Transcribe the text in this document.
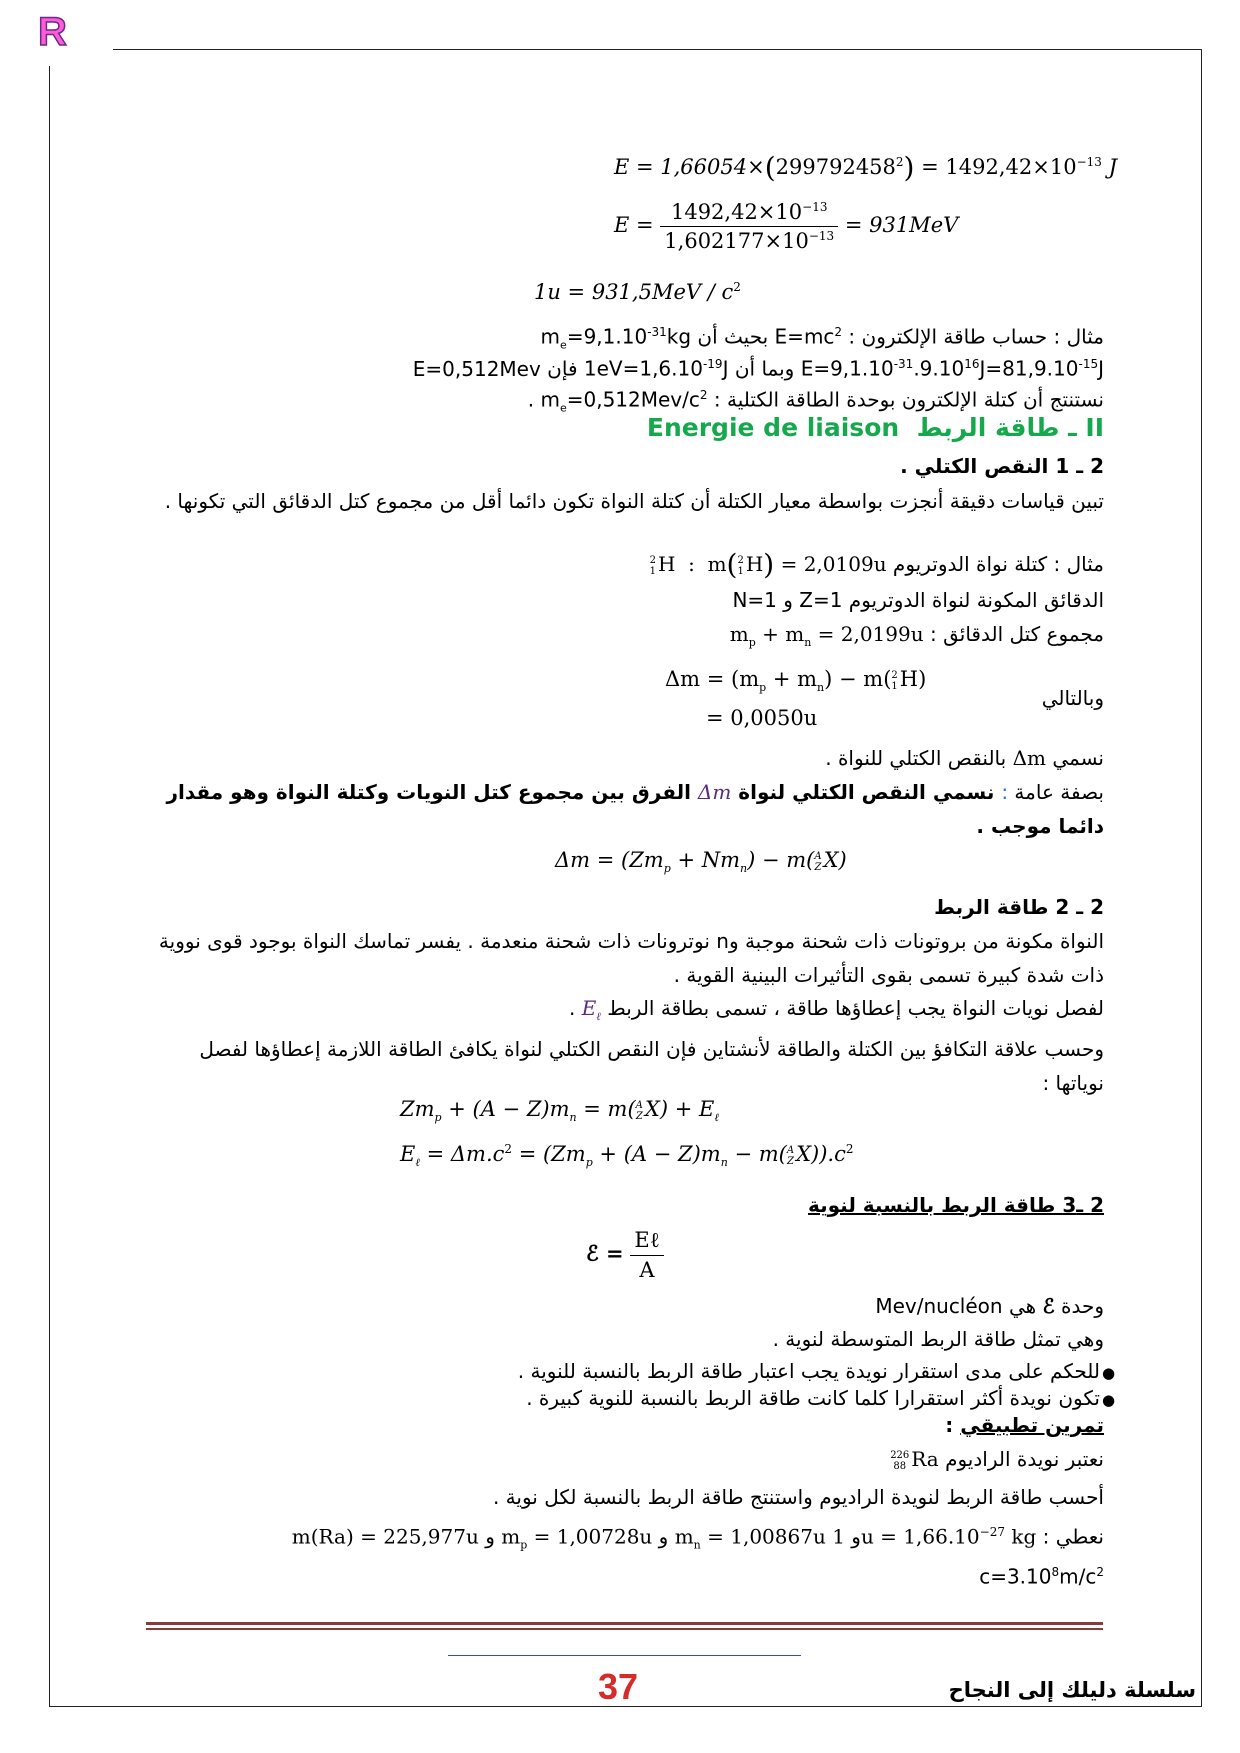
R
$E = 1,66054\times(299792458^2) = 1492,42\times 10^{-13}$ J
$E = \frac{1492,42\times 10^{-13}}{1,602177\times 10^{-13}} = 931MeV$
$1u = 931,5MeV / c^2$
مثال : حساب طاقة الإلكترون : $E=mc^2$ بحيث أن $m_e=9,1.10^{-31}kg$
$E=9,1.10^{-31}.9.10^{16}J=81,9.10^{-15}J$ وبما أن $1eV=1,6.10^{-19}J$ فإن E=0,512Mev
نستنتج أن كتلة الإلكترون بوحدة الطاقة الكتلية : $m_e=0,512Mev/c^2$ .
II ـ طاقة الربط  Energie de liaison
2 ـ 1 النقص الكتلي .
تبين قياسات دقيقة أنجزت بواسطة معيار الكتلة أن كتلة النواة تكون دائما أقل من مجموع كتل الدقائق التي تكونها .
مثال : كتلة نواة الدوتريوم
2
1 H  :  m( 2
1 H) = 2,0109u
الدقائق المكونة لنواة الدوتريوم Z=1 و N=1
مجموع كتل الدقائق : $m_p + m_n = 2,0199u$
وبالتالي
$\Delta m = (m_p + m_n) - m$( 2
1 H)
= 0,0050u
نسمي Δm بالنقص الكتلي للنواة .
بصفة عامة : نسمي النقص الكتلي لنواة Δm الفرق بين مجموع كتل النويات وكتلة النواة وهو مقدار دائما موجب .
$\Delta m = (Zm_p + Nm_n) - m$( A
Z X)
2 ـ 2 طاقة الربط
النواة مكونة من بروتونات ذات شحنة موجبة وn نوترونات ذات شحنة منعدمة . يفسر تماسك النواة بوجود قوى نووية ذات شدة كبيرة تسمى بقوى التأثيرات البينية القوية .
لفصل نويات النواة يجب إعطاؤها طاقة ، تسمى بطاقة الربط $E_\ell$ .
وحسب علاقة التكافؤ بين الكتلة والطاقة لأنشتاين فإن النقص الكتلي لنواة يكافئ الطاقة اللازمة إعطاؤها لفصل نوياتها :
$Zm_p + (A - Z)m_n = m$( A
Z $X) + E_\ell$
$E_\ell = \Delta m.c^2 = (Zm_p + (A - Z)m_n - m$( A
Z $X)).c^2$
2 ـ3 طاقة الربط بالنسبة لنوية
ℰ = $\frac{\text{Eℓ}}{A}$
وحدة ℰ هي Mev/nucléon
وهي تمثل طاقة الربط المتوسطة لنوية .
●
للحكم على مدى استقرار نويدة يجب اعتبار طاقة الربط بالنسبة للنوية .
●
تكون نويدة أكثر استقرارا كلما كانت طاقة الربط بالنسبة للنوية كبيرة .
تمرين تطبيقي :
نعتبر نويدة الراديوم
226
88 Ra
أحسب طاقة الربط لنويدة الراديوم واستنتج طاقة الربط بالنسبة لكل نوية .
نعطي : m(Ra) = 225,977u و $m_p = 1,00728u$ و $m_n = 1,00867u$ و $1u = 1,66.10^{-27}$ kg
$c=3.10^8m/c^2$
37	سلسلة دليلك إلى النجاح
